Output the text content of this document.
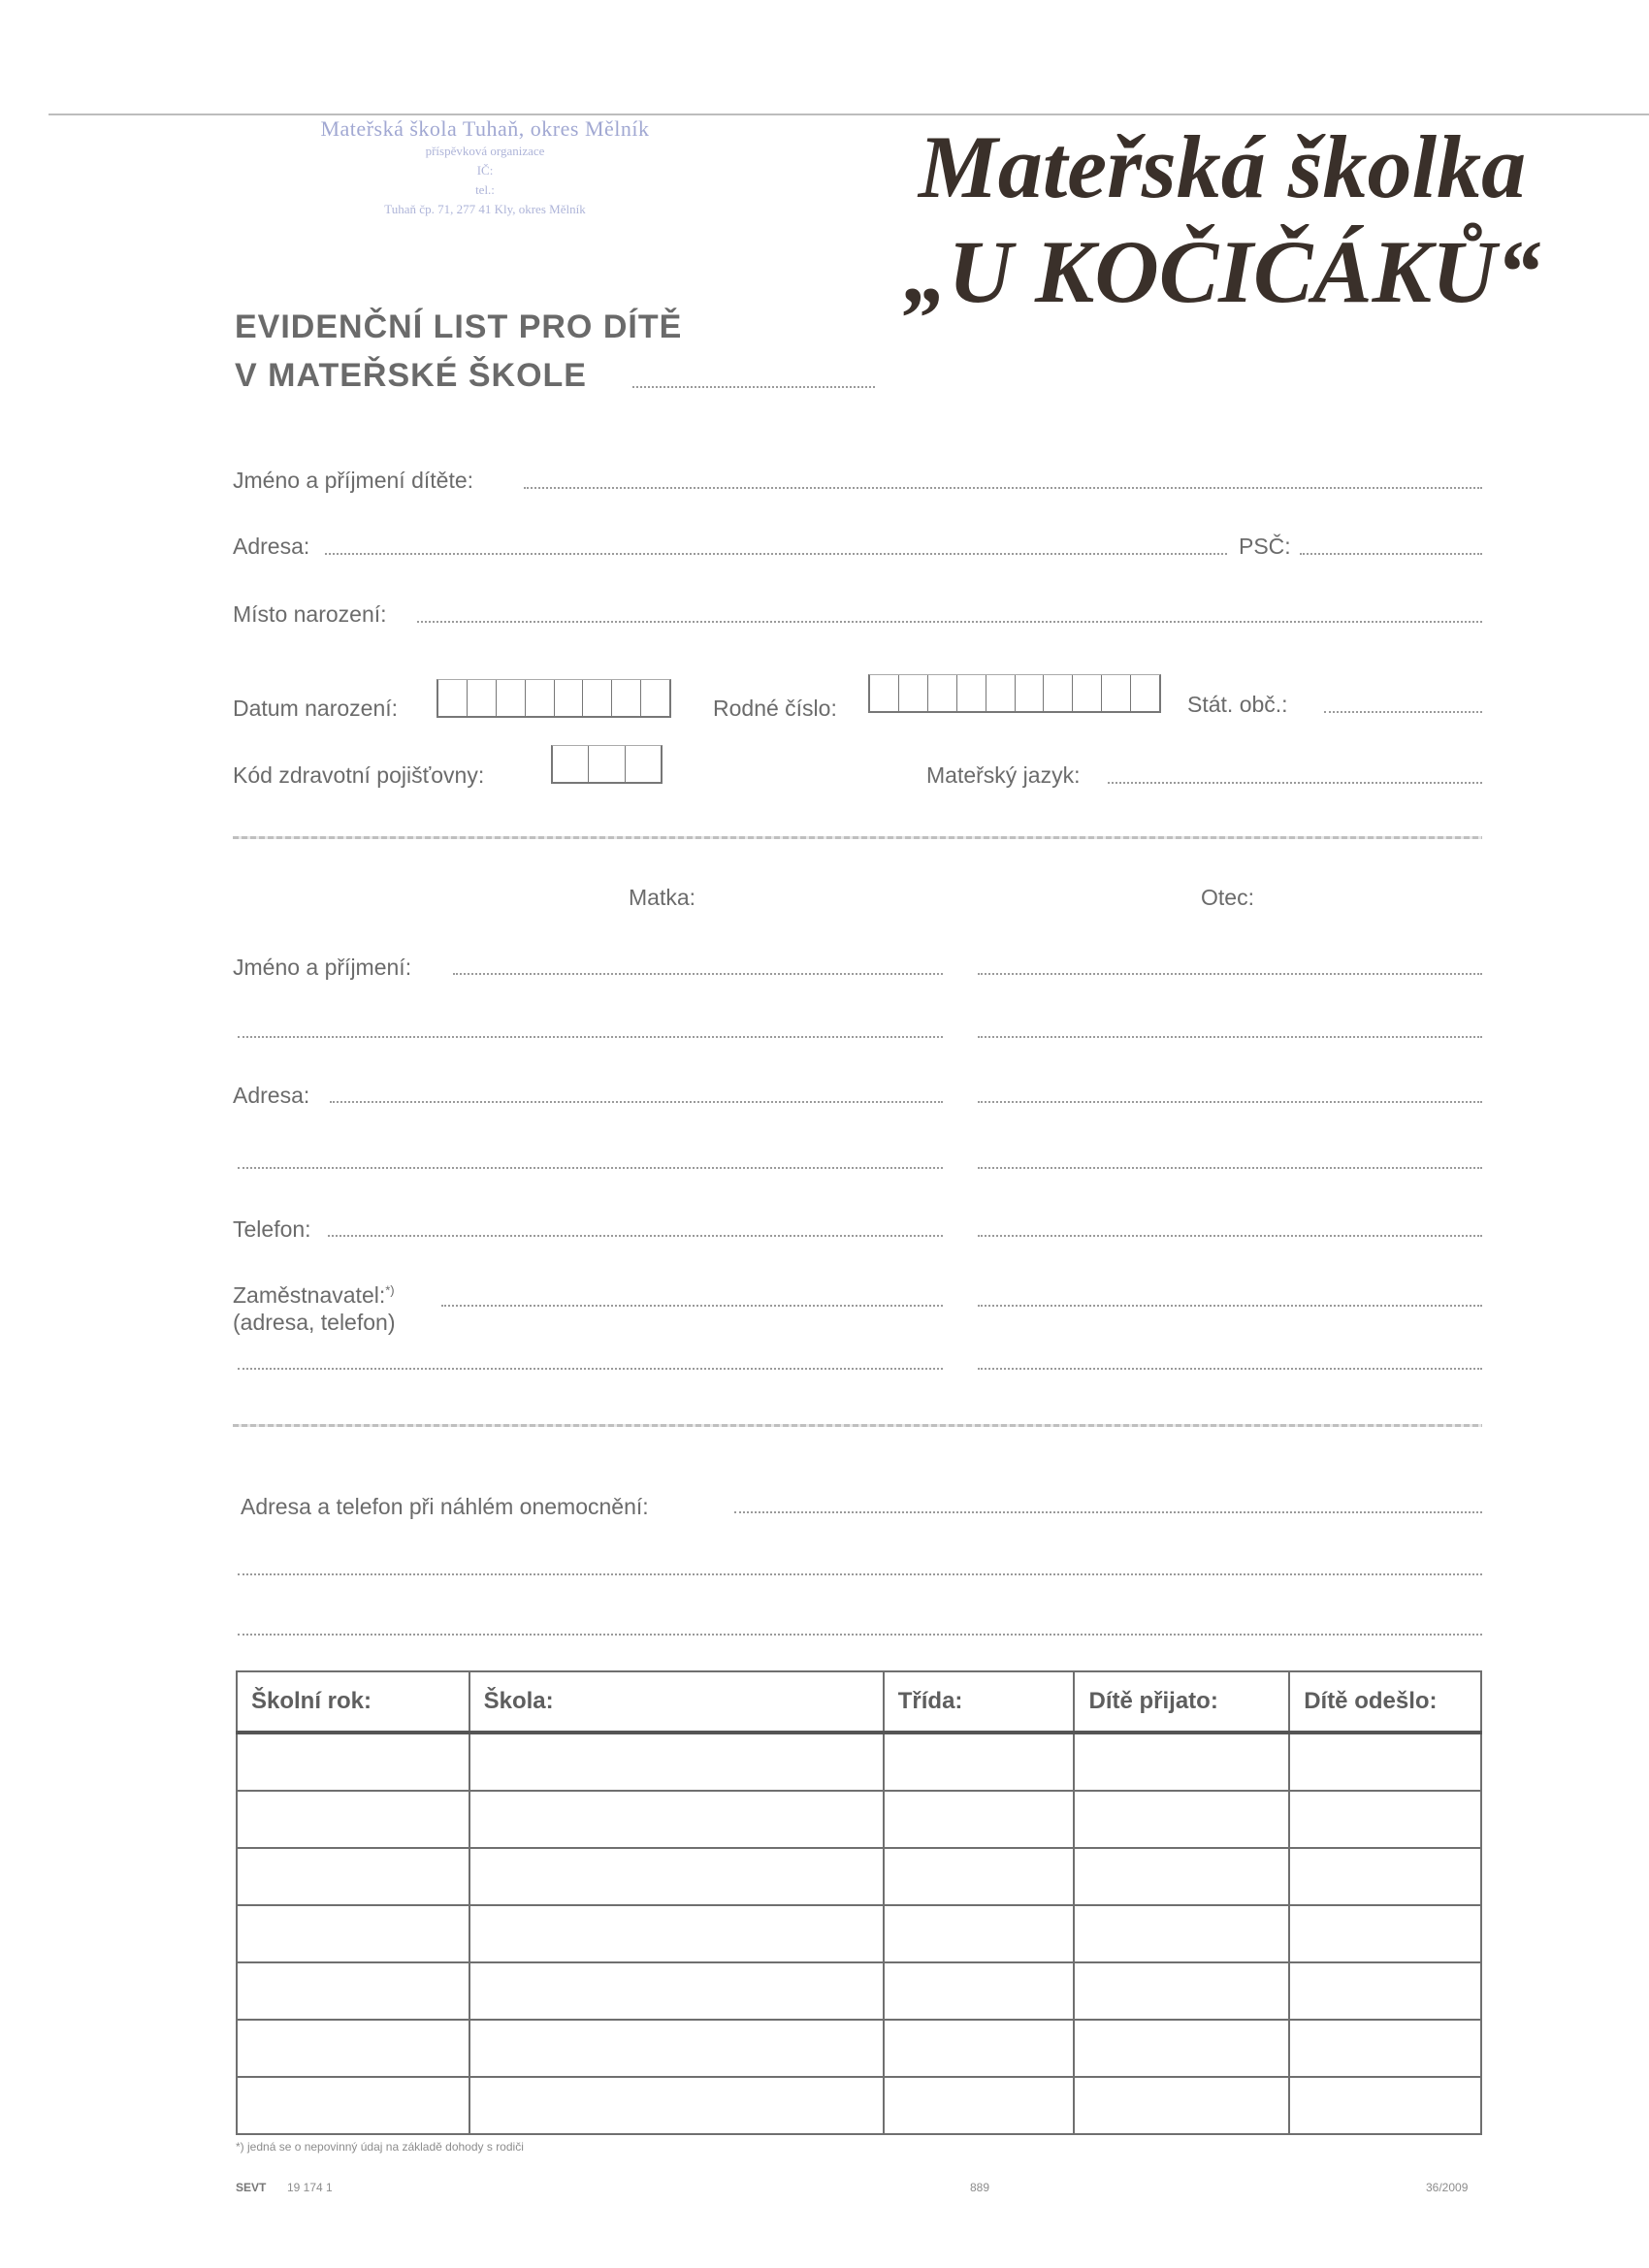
Mateřská škola Tuhaň, okres Mělník
příspěvková organizace
IČ:
tel.:
Tuhaň čp. 71, 277 41 Kly, okres Mělník	Mateřská školka
„U KOČIČÁKŮ“
EVIDENČNÍ LIST PRO DÍTĚ
V MATEŘSKÉ ŠKOLE
Jméno a příjmení dítěte:
Adresa:	PSČ:
Místo narození:
Datum narození:	Rodné číslo:	Stát. obč.:
Kód zdravotní pojišťovny:	Mateřský jazyk:
Matka:	Otec:
Jméno a příjmení:
Adresa:
Telefon:
Zaměstnavatel:*)
(adresa, telefon)
Adresa a telefon při náhlém onemocnění:
Školní rok:	Škola:	Třída:	Dítě přijato:	Dítě odešlo:

*) jedná se o nepovinný údaj na základě dohody s rodiči
SEVT 19 174 1	889	36/2009
